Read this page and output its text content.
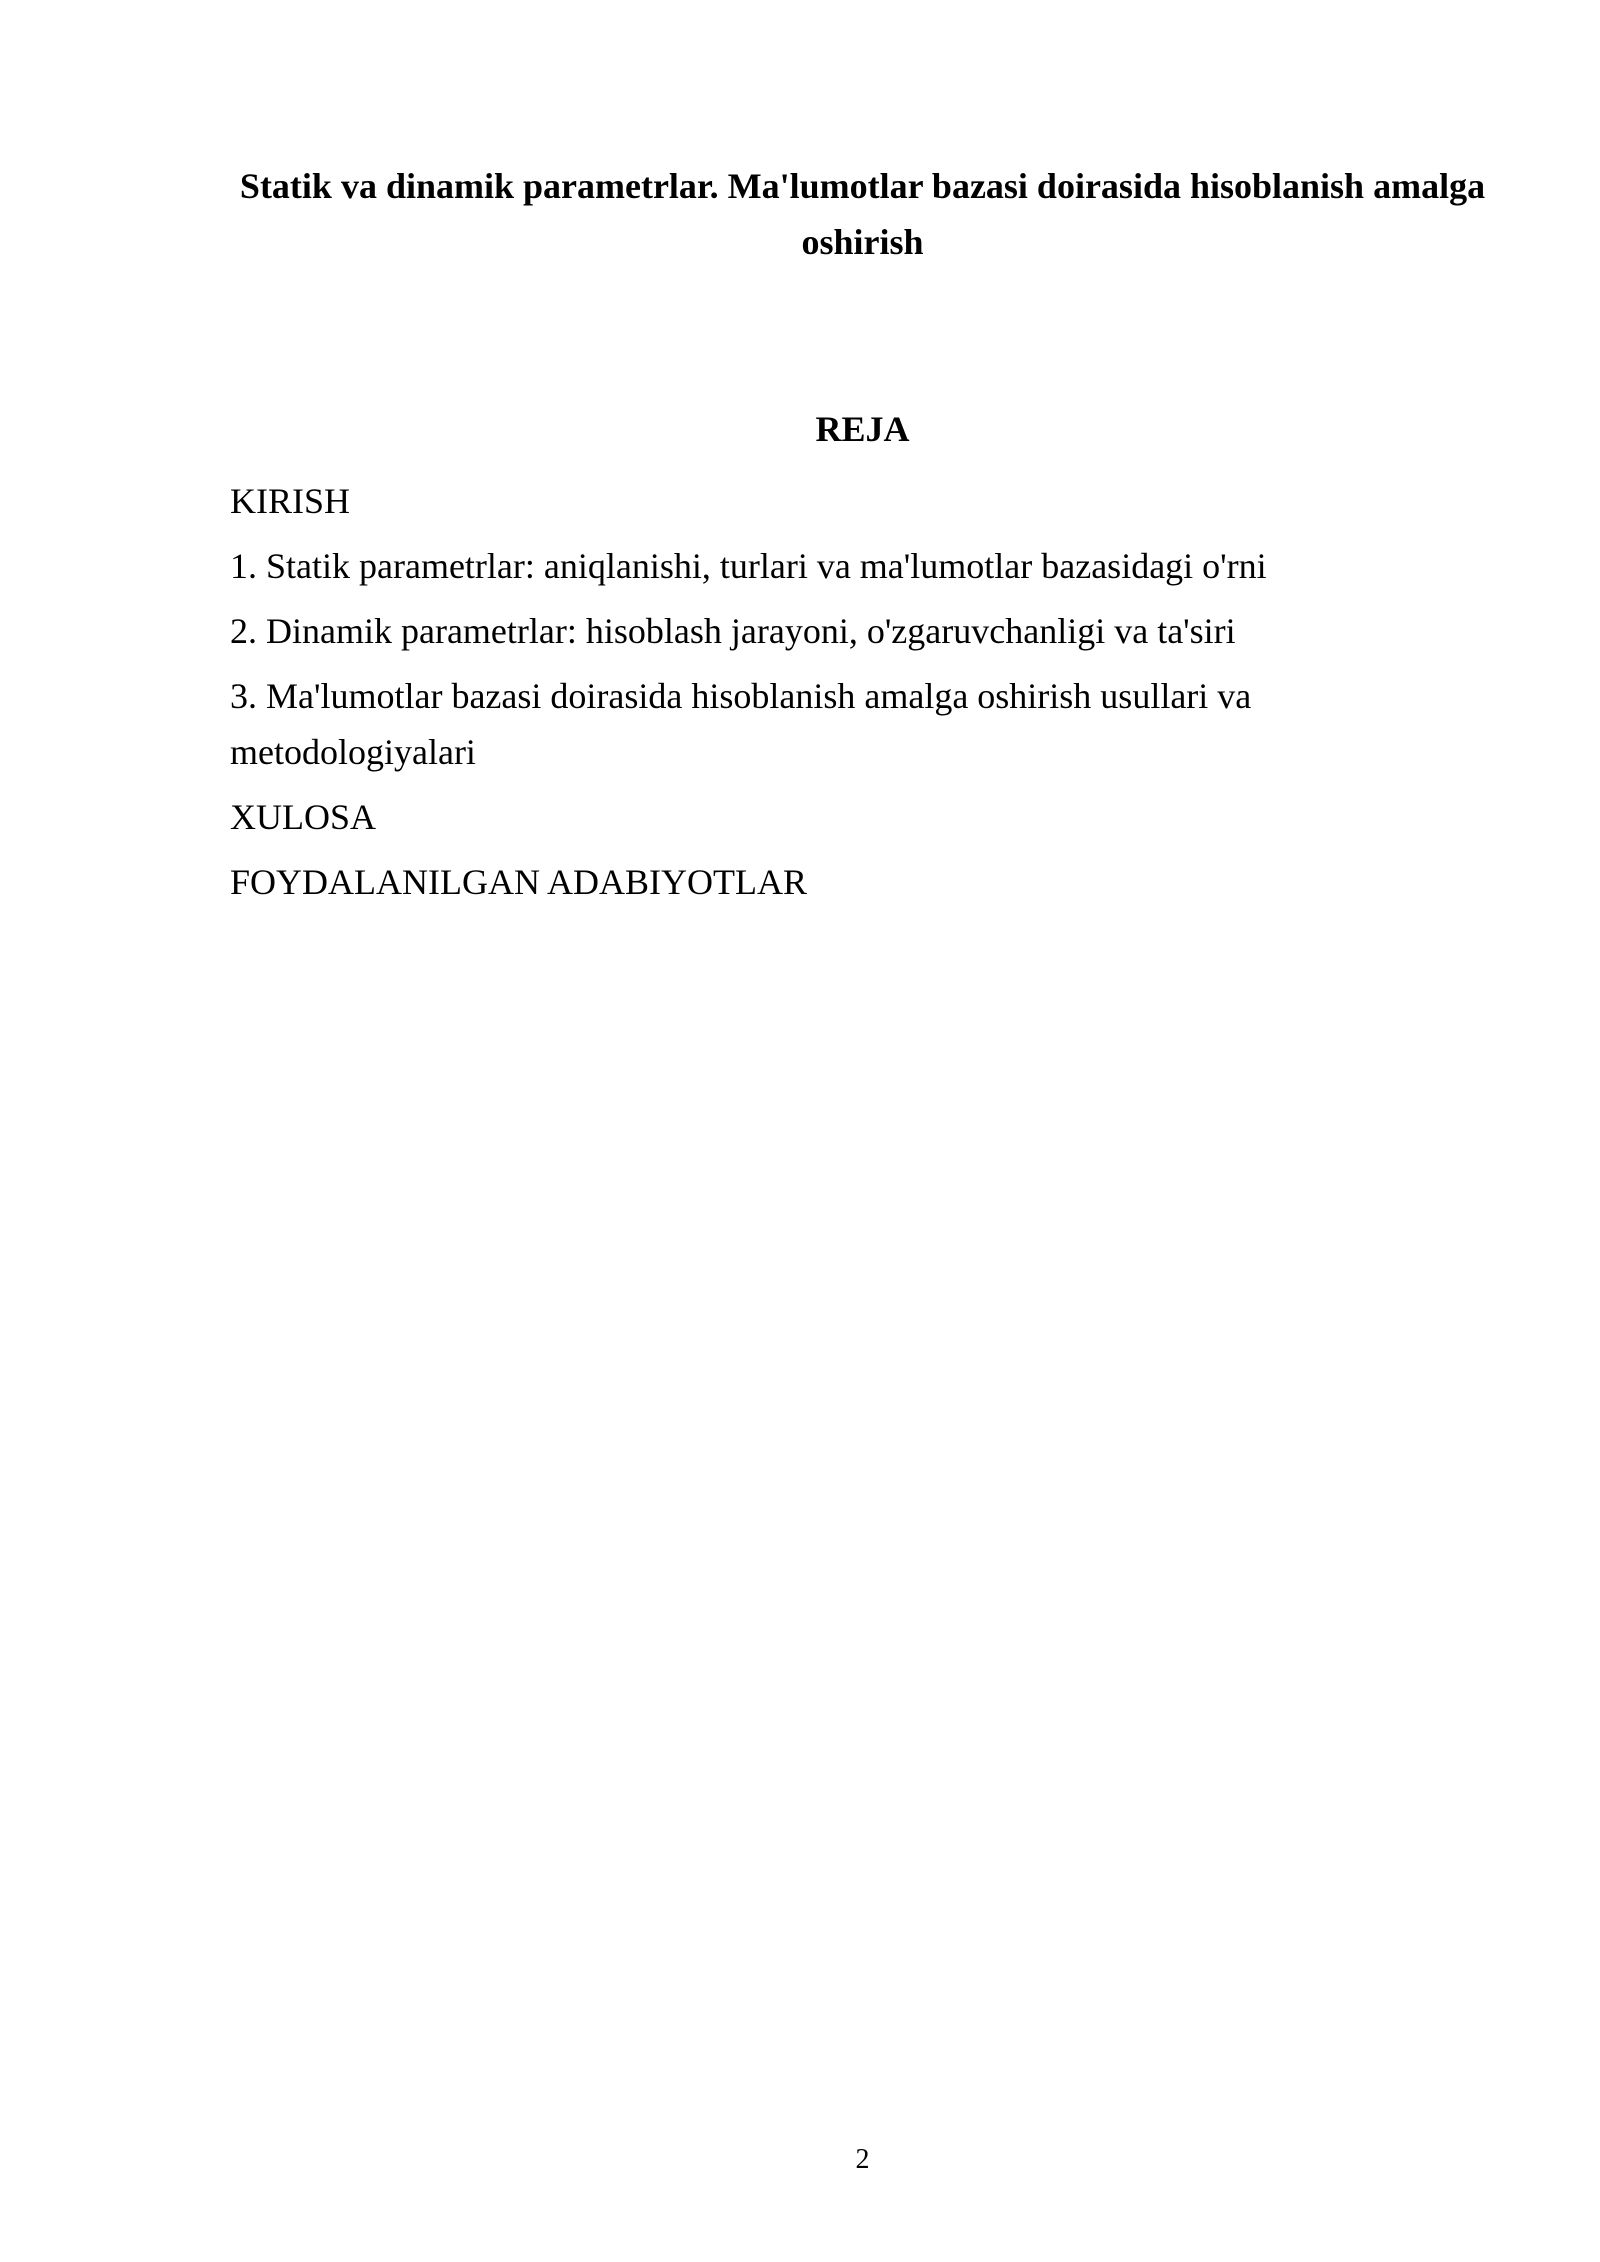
Statik va dinamik parametrlar. Ma'lumotlar bazasi doirasida hisoblanish amalga oshirish
REJA
KIRISH
1. Statik parametrlar: aniqlanishi, turlari va ma'lumotlar bazasidagi o'rni
2. Dinamik parametrlar: hisoblash jarayoni, o'zgaruvchanligi va ta'siri
3. Ma'lumotlar bazasi doirasida hisoblanish amalga oshirish usullari va metodologiyalari
XULOSA
FOYDALANILGAN ADABIYOTLAR
2
